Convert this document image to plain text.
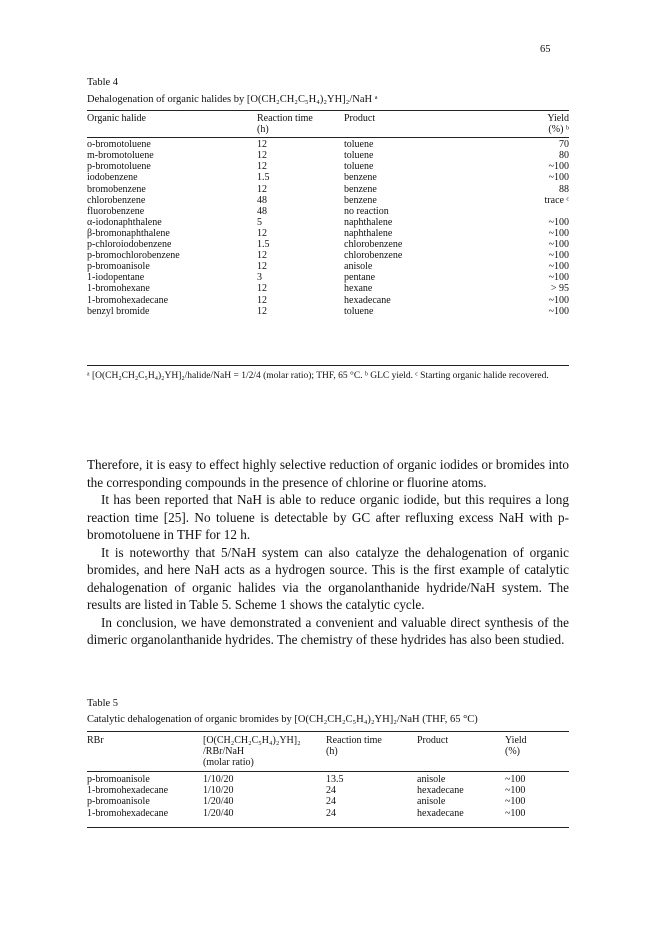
65
Table 4
Dehalogenation of organic halides by [O(CH₂CH₂C₅H₄)₂YH]₂/NaH ᵃ
Organic halide	Reaction time	Product	Yield
	(h)		(%) ᵇ

o-bromotoluene	12	toluene	70
m-bromotoluene	12	toluene	80
p-bromotoluene	12	toluene	~100
iodobenzene	1.5	benzene	~100
bromobenzene	12	benzene	88
chlorobenzene	48	benzene	trace ᶜ
fluorobenzene	48	no reaction	
α-iodonaphthalene	5	naphthalene	~100
β-bromonaphthalene	12	naphthalene	~100
p-chloroiodobenzene	1.5	chlorobenzene	~100
p-bromochlorobenzene	12	chlorobenzene	~100
p-bromoanisole	12	anisole	~100
1-iodopentane	3	pentane	~100
1-bromohexane	12	hexane	> 95
1-bromohexadecane	12	hexadecane	~100
benzyl bromide	12	toluene	~100
ᵃ [O(CH₂CH₂C₅H₄)₂YH]₂/halide/NaH = 1/2/4 (molar ratio); THF, 65 °C. ᵇ GLC yield. ᶜ Starting organic halide recovered.

Therefore, it is easy to effect highly selective reduction of organic iodides or bromides into the corresponding compounds in the presence of chlorine or fluorine atoms.

It has been reported that NaH is able to reduce organic iodide, but this requires a long reaction time [25]. No toluene is detectable by GC after refluxing excess NaH with p-bromotoluene in THF for 12 h.

It is noteworthy that 5/NaH system can also catalyze the dehalogenation of organic bromides, and here NaH acts as a hydrogen source. This is the first example of catalytic dehalogenation of organic halides via the organolanthanide hydride/NaH system. The results are listed in Table 5. Scheme 1 shows the catalytic cycle.

In conclusion, we have demonstrated a convenient and valuable direct synthesis of the dimeric organolanthanide hydrides. The chemistry of these hydrides has also been studied.

Table 5
Catalytic dehalogenation of organic bromides by [O(CH₂CH₂C₅H₄)₂YH]₂/NaH (THF, 65 °C)
RBr	[O(CH₂CH₂C₅H₄)₂YH]₂	Reaction time	Product	Yield
	/RBr/NaH	(h)		(%)
	(molar ratio)			

p-bromoanisole	1/10/20	13.5	anisole	~100
1-bromohexadecane	1/10/20	24	hexadecane	~100
p-bromoanisole	1/20/40	24	anisole	~100
1-bromohexadecane	1/20/40	24	hexadecane	~100
